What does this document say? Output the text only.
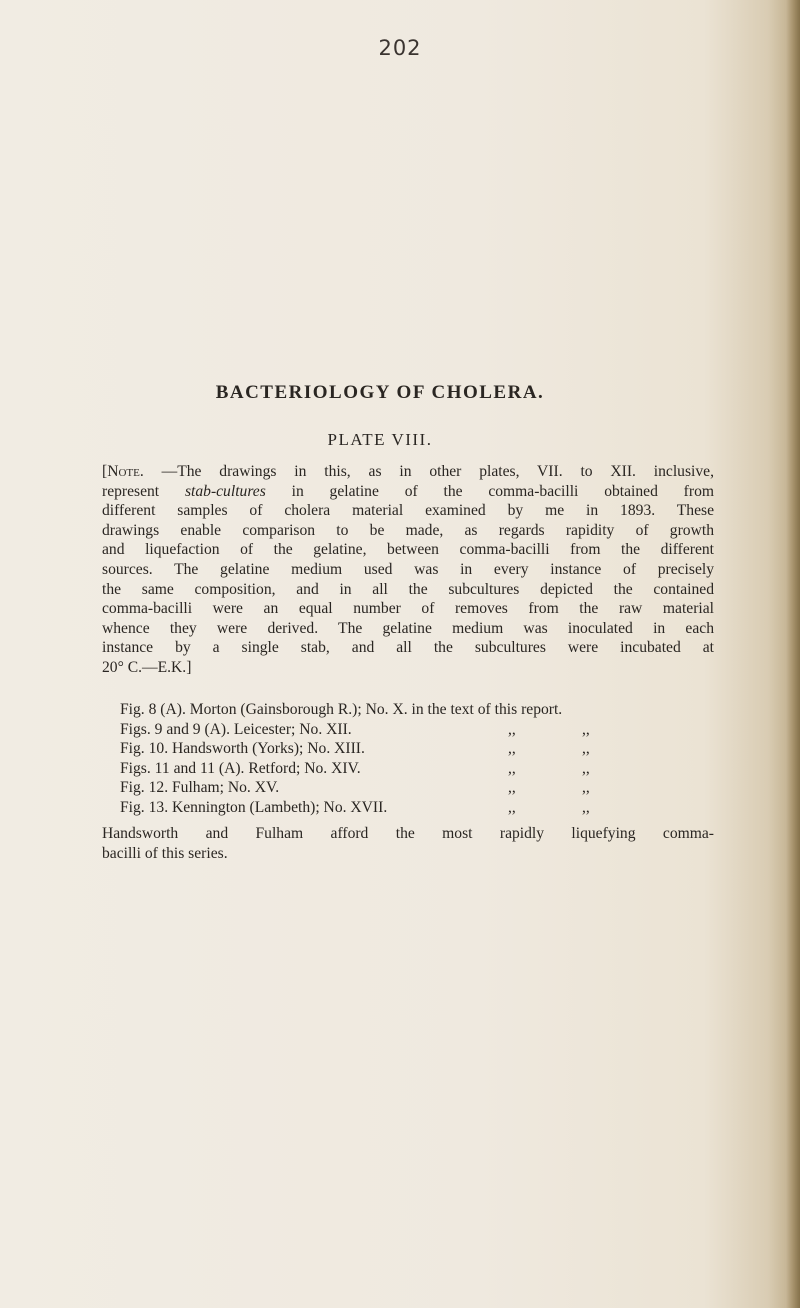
202
BACTERIOLOGY OF CHOLERA.
PLATE VIII.
[Note. —The drawings in this, as in other plates, VII. to XII. inclusive,
represent stab-cultures in gelatine of the comma-bacilli obtained from
different samples of cholera material examined by me in 1893. These
drawings enable comparison to be made, as regards rapidity of growth
and liquefaction of the gelatine, between comma-bacilli from the different
sources. The gelatine medium used was in every instance of precisely
the same composition, and in all the subcultures depicted the contained
comma-bacilli were an equal number of removes from the raw material
whence they were derived. The gelatine medium was inoculated in each
instance by a single stab, and all the subcultures were incubated at
20° C.—E.K.]
Fig. 8 (A). Morton (Gainsborough R.); No. X. in the text of this report.
Figs. 9 and 9 (A). Leicester; No. XII.	,,	,,
Fig. 10. Handsworth (Yorks); No. XIII.	,,	,,
Figs. 11 and 11 (A). Retford; No. XIV.	,,	,,
Fig. 12. Fulham; No. XV.	,,	,,
Fig. 13. Kennington (Lambeth); No. XVII.	,,	,,
Handsworth and Fulham afford the most rapidly liquefying comma-
bacilli of this series.
